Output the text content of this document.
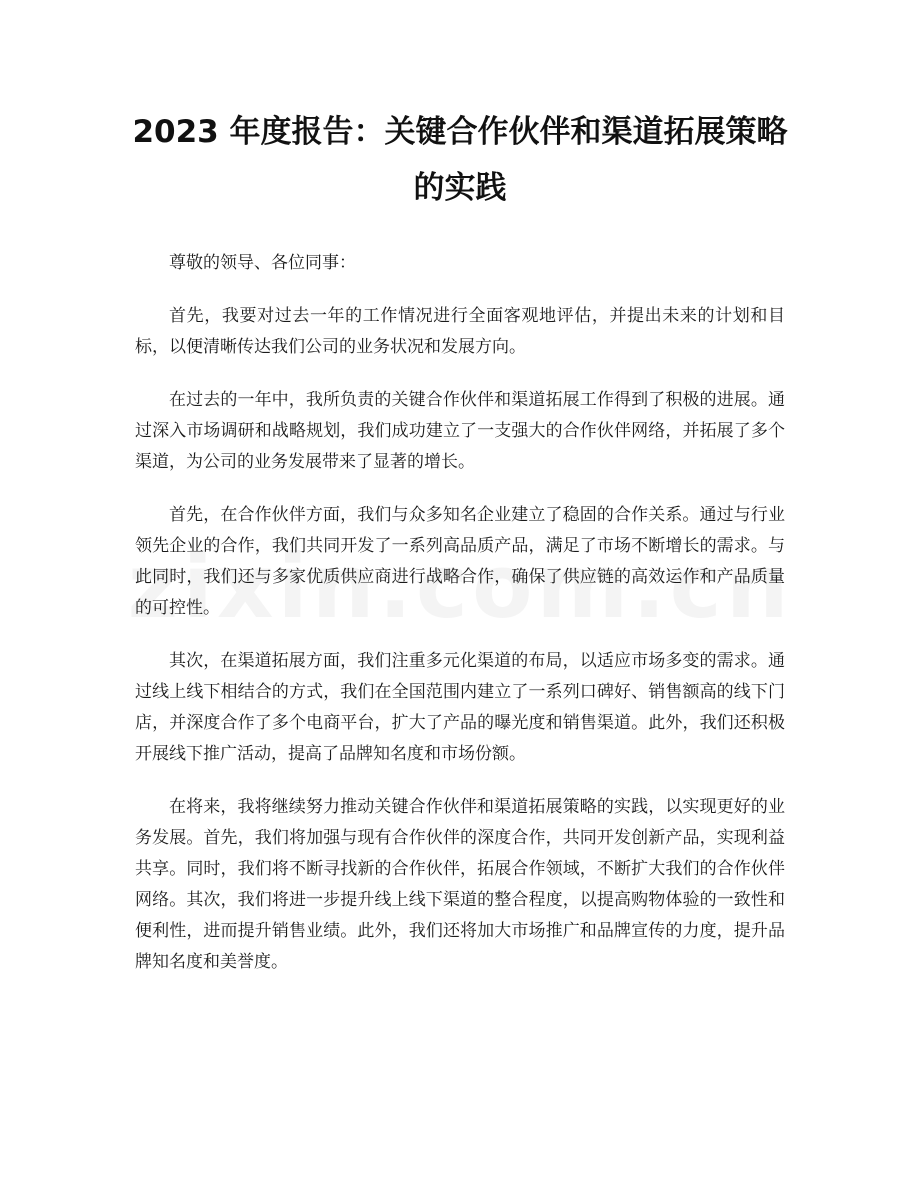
2023 年度报告：关键合作伙伴和渠道拓展策略的实践

尊敬的领导、各位同事：

首先，我要对过去一年的工作情况进行全面客观地评估，并提出未来的计划和目标，以便清晰传达我们公司的业务状况和发展方向。

在过去的一年中，我所负责的关键合作伙伴和渠道拓展工作得到了积极的进展。通过深入市场调研和战略规划，我们成功建立了一支强大的合作伙伴网络，并拓展了多个渠道，为公司的业务发展带来了显著的增长。

首先，在合作伙伴方面，我们与众多知名企业建立了稳固的合作关系。通过与行业领先企业的合作，我们共同开发了一系列高品质产品，满足了市场不断增长的需求。与此同时，我们还与多家优质供应商进行战略合作，确保了供应链的高效运作和产品质量的可控性。

其次，在渠道拓展方面，我们注重多元化渠道的布局，以适应市场多变的需求。通过线上线下相结合的方式，我们在全国范围内建立了一系列口碑好、销售额高的线下门店，并深度合作了多个电商平台，扩大了产品的曝光度和销售渠道。此外，我们还积极开展线下推广活动，提高了品牌知名度和市场份额。

在将来，我将继续努力推动关键合作伙伴和渠道拓展策略的实践，以实现更好的业务发展。首先，我们将加强与现有合作伙伴的深度合作，共同开发创新产品，实现利益共享。同时，我们将不断寻找新的合作伙伴，拓展合作领域，不断扩大我们的合作伙伴网络。其次，我们将进一步提升线上线下渠道的整合程度，以提高购物体验的一致性和便利性，进而提升销售业绩。此外，我们还将加大市场推广和品牌宣传的力度，提升品牌知名度和美誉度。
